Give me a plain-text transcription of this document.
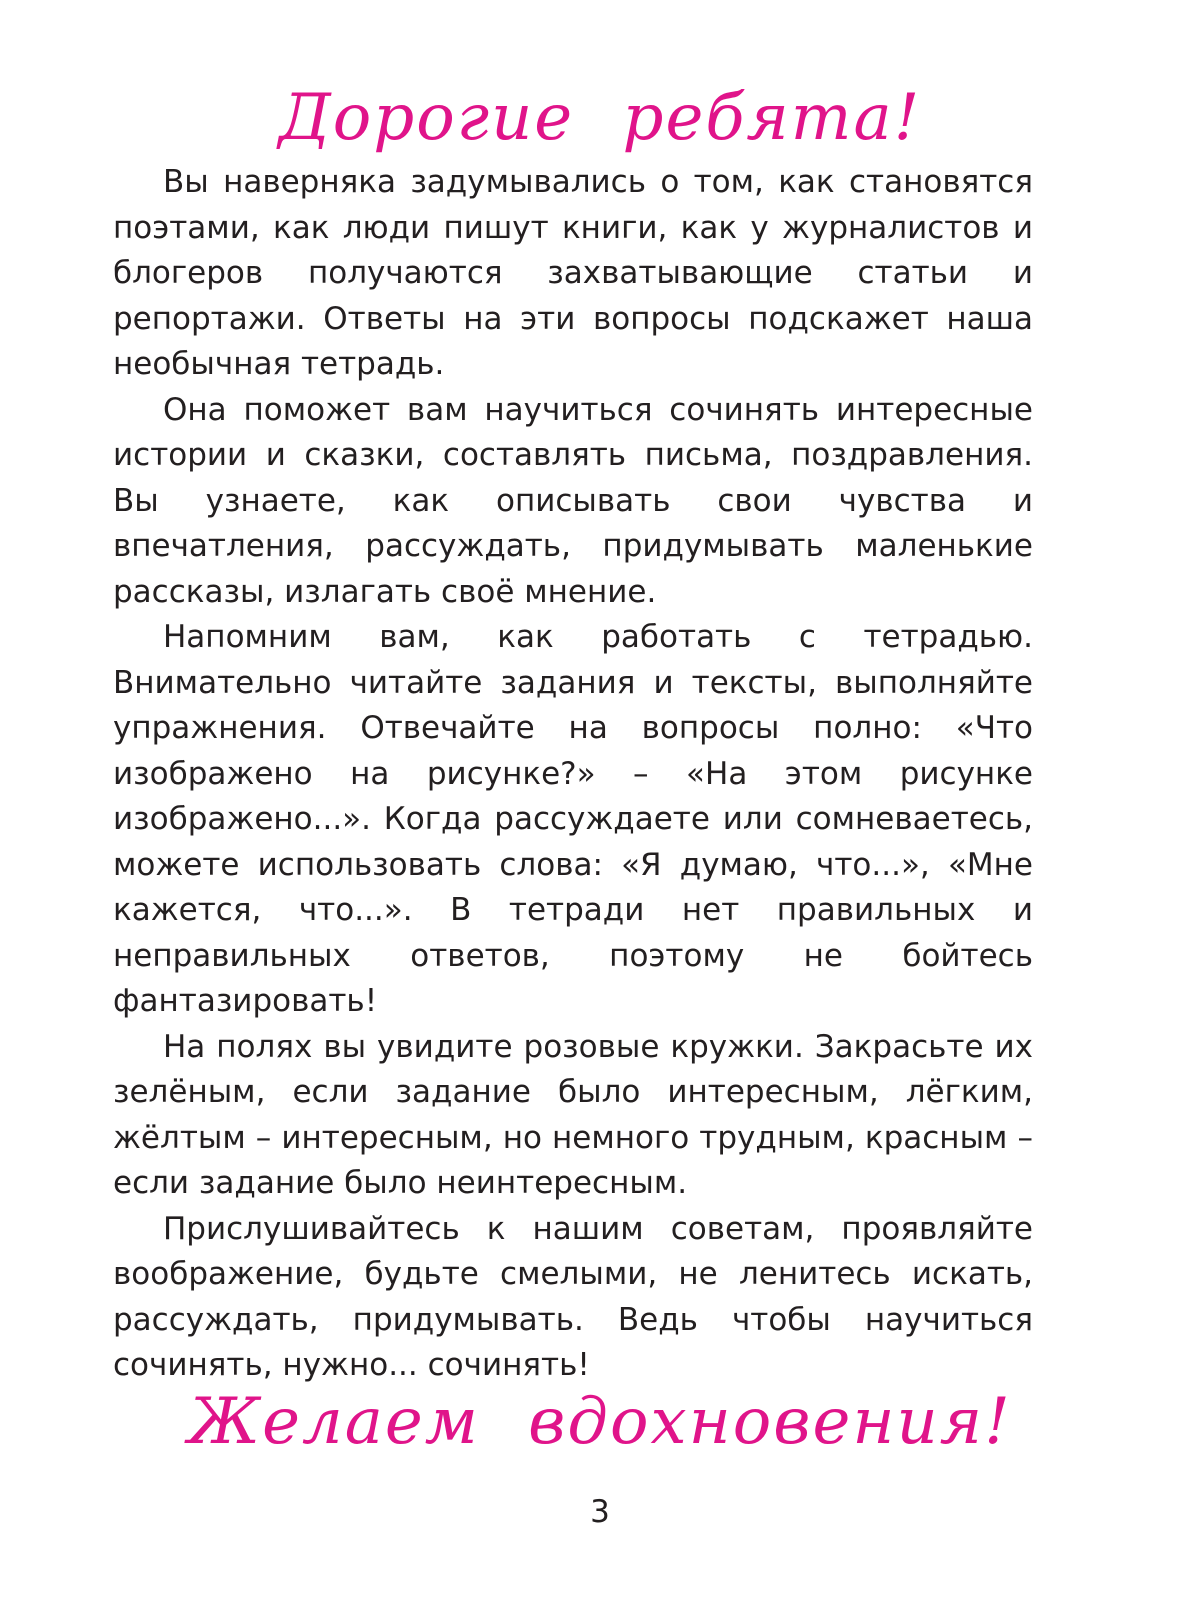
Дорогие ребята!

Вы наверняка задумывались о том, как становятся поэтами, как люди пишут книги, как у журналистов и блогеров получаются захватывающие статьи и репортажи. Ответы на эти вопросы подскажет наша необычная тетрадь.

Она поможет вам научиться сочинять интересные истории и сказки, составлять письма, поздравления. Вы узнаете, как описывать свои чувства и впечатления, рассуждать, придумывать маленькие рассказы, излагать своё мнение.

Напомним вам, как работать с тетрадью. Внимательно читайте задания и тексты, выполняйте упражнения. Отвечайте на вопросы полно: «Что изображено на рисунке?» – «На этом рисунке изображено...». Когда рассуждаете или сомневаетесь, можете использовать слова: «Я думаю, что...», «Мне кажется, что...». В тетради нет правильных и неправильных ответов, поэтому не бойтесь фантазировать!

На полях вы увидите розовые кружки. Закрасьте их зелёным, если задание было интересным, лёгким, жёлтым – интересным, но немного трудным, красным – если задание было неинтересным.

Прислушивайтесь к нашим советам, проявляйте воображение, будьте смелыми, не ленитесь искать, рассуждать, придумывать. Ведь чтобы научиться сочинять, нужно... сочинять!

Желаем вдохновения!
3
